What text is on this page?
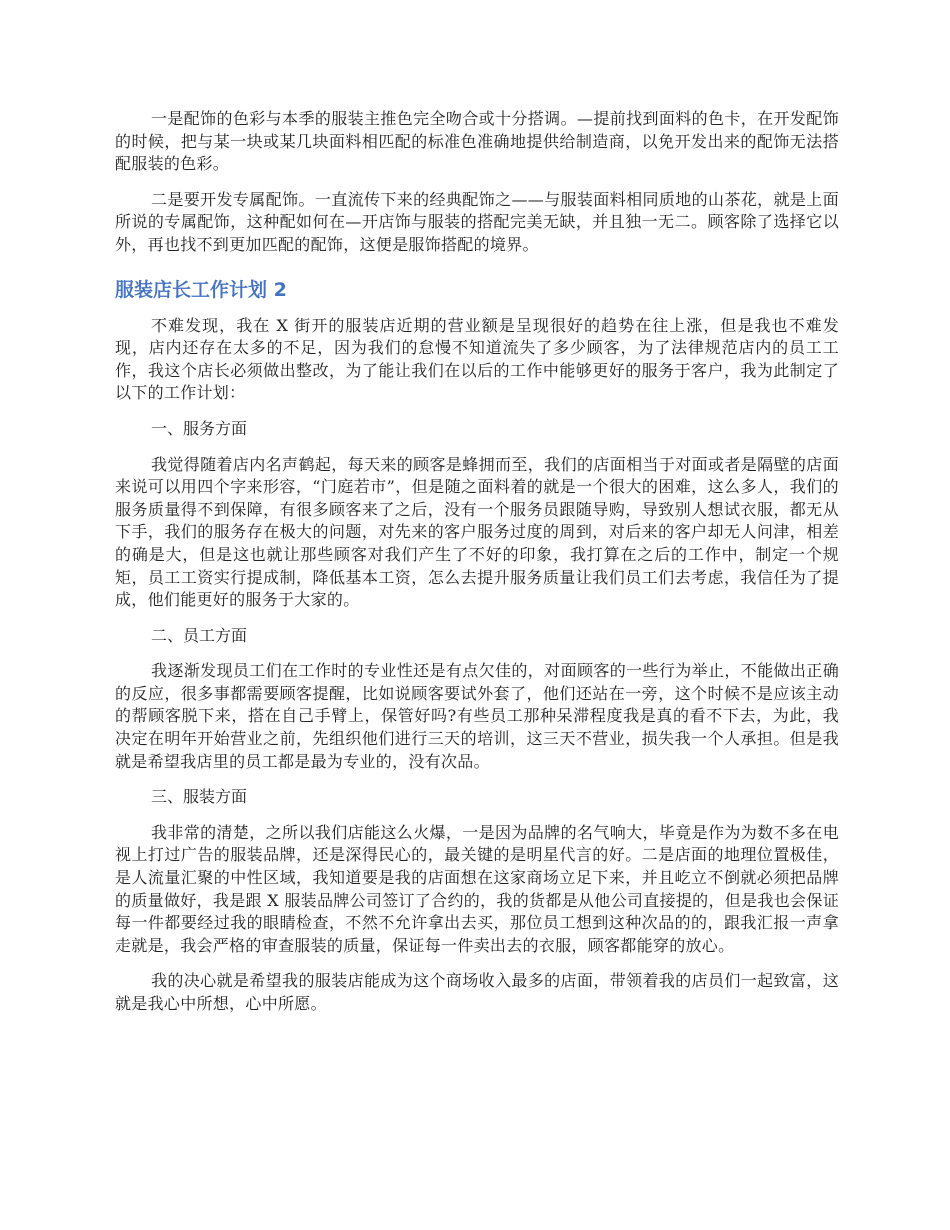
一是配饰的色彩与本季的服装主推色完全吻合或十分搭调。—提前找到面料的色卡，在开发配饰的时候，把与某一块或某几块面料相匹配的标准色准确地提供给制造商，以免开发出来的配饰无法搭配服装的色彩。

二是要开发专属配饰。一直流传下来的经典配饰之——与服装面料相同质地的山茶花，就是上面所说的专属配饰，这种配如何在—开店饰与服装的搭配完美无缺，并且独一无二。顾客除了选择它以外，再也找不到更加匹配的配饰，这便是服饰搭配的境界。

服装店长工作计划 2

不难发现，我在 X 街开的服装店近期的营业额是呈现很好的趋势在往上涨，但是我也不难发现，店内还存在太多的不足，因为我们的怠慢不知道流失了多少顾客，为了法律规范店内的员工工作，我这个店长必须做出整改，为了能让我们在以后的工作中能够更好的服务于客户，我为此制定了以下的工作计划：

一、服务方面

我觉得随着店内名声鹤起，每天来的顾客是蜂拥而至，我们的店面相当于对面或者是隔壁的店面来说可以用四个字来形容，“门庭若市”，但是随之面料着的就是一个很大的困难，这么多人，我们的服务质量得不到保障，有很多顾客来了之后，没有一个服务员跟随导购，导致别人想试衣服，都无从下手，我们的服务存在极大的问题，对先来的客户服务过度的周到，对后来的客户却无人问津，相差的确是大，但是这也就让那些顾客对我们产生了不好的印象，我打算在之后的工作中，制定一个规矩，员工工资实行提成制，降低基本工资，怎么去提升服务质量让我们员工们去考虑，我信任为了提成，他们能更好的服务于大家的。

二、员工方面

我逐渐发现员工们在工作时的专业性还是有点欠佳的，对面顾客的一些行为举止，不能做出正确的反应，很多事都需要顾客提醒，比如说顾客要试外套了，他们还站在一旁，这个时候不是应该主动的帮顾客脱下来，搭在自己手臂上，保管好吗?有些员工那种呆滞程度我是真的看不下去，为此，我决定在明年开始营业之前，先组织他们进行三天的培训，这三天不营业，损失我一个人承担。但是我就是希望我店里的员工都是最为专业的，没有次品。

三、服装方面

我非常的清楚，之所以我们店能这么火爆，一是因为品牌的名气响大，毕竟是作为为数不多在电视上打过广告的服装品牌，还是深得民心的，最关键的是明星代言的好。二是店面的地理位置极佳，是人流量汇聚的中性区域，我知道要是我的店面想在这家商场立足下来，并且屹立不倒就必须把品牌的质量做好，我是跟 X 服装品牌公司签订了合约的，我的货都是从他公司直接提的，但是我也会保证每一件都要经过我的眼睛检查，不然不允许拿出去买，那位员工想到这种次品的的，跟我汇报一声拿走就是，我会严格的审查服装的质量，保证每一件卖出去的衣服，顾客都能穿的放心。

我的决心就是希望我的服装店能成为这个商场收入最多的店面，带领着我的店员们一起致富，这就是我心中所想，心中所愿。
